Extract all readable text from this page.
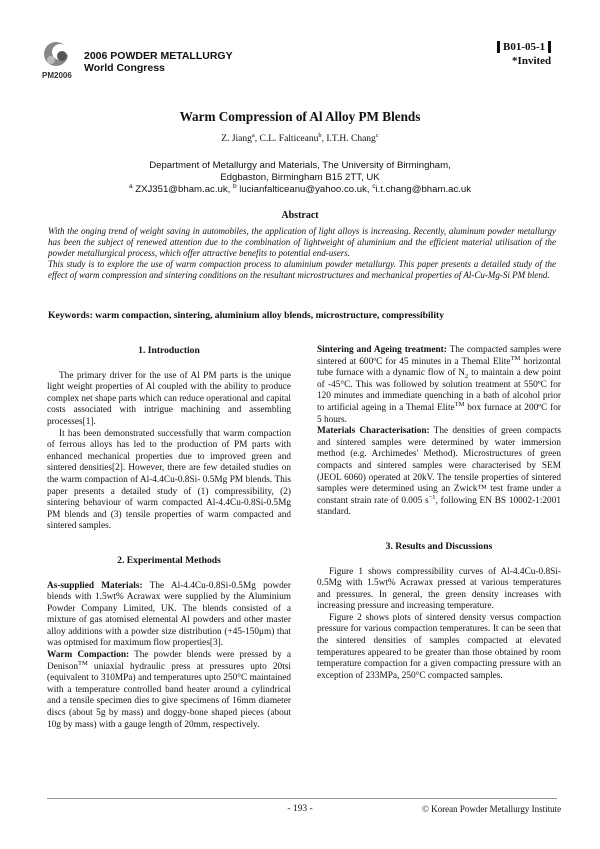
PM2006
2006 POWDER METALLURGY
World Congress
B01-05-1
*Invited
Warm Compression of Al Alloy PM Blends
Z. Jiang$^a$, C.L. Falticeanu$^b$, I.T.H. Chang$^c$
Department of Metallurgy and Materials, The University of Birmingham,
Edgbaston, Birmingham B15 2TT, UK
$^a$ ZXJ351@bham.ac.uk, $^b$ lucianfalticeanu@yahoo.co.uk, $^c$i.t.chang@bham.ac.uk
Abstract

With the onging trend of weight saving in automobiles, the application of light alloys is increasing. Recently, aluminum powder metallurgy has been the subject of renewed attention due to the combination of lightweight of aluminium and the efficient material utilisation of the powder metallurgical process, which offer attractive benefits to potential end-users.

This study is to explore the use of warm compaction process to aluminium powder metallurgy. This paper presents a detailed study of the effect of warm compression and sintering conditions on the resultant microstructures and mechanical properties of Al-Cu-Mg-Si PM blend.

Keywords: warm compaction, sintering, aluminium alloy blends, microstructure, compressibility

1. Introduction

The primary driver for the use of Al PM parts is the unique light weight properties of Al coupled with the ability to produce complex net shape parts which can reduce operational and capital costs associated with intrigue machining and assembling processes[1].

It has been demonstrated successfully that warm compaction of ferrous alloys has led to the production of PM parts with enhanced mechanical properties due to improved green and sintered densities[2]. However, there are few detailed studies on the warm compaction of Al-4.4Cu-0.8Si- 0.5Mg PM blends. This paper presents a detailed study of (1) compressibility, (2) sintering behaviour of warm compacted Al-4.4Cu-0.8Si-0.5Mg PM blends and (3) tensile properties of warm compacted and sintered samples.

2. Experimental Methods

As-supplied Materials: The Al-4.4Cu-0.8Si-0.5Mg powder blends with 1.5wt% Acrawax were supplied by the Aluminium Powder Company Limited, UK. The blends consisted of a mixture of gas atomised elemental Al powders and other master alloy additions with a powder size distribution (+45-150μm) that was optmised for maximum flow properties[3].

Warm Compaction: The powder blends were pressed by a Denison™ uniaxial hydraulic press at pressures upto 20tsi (equivalent to 310MPa) and temperatures upto 250°C maintained with a temperature controlled band heater around a cylindrical and a tensile specimen dies to give specimens of 16mm diameter discs (about 5g by mass) and doggy-bone shaped pieces (about 10g by mass) with a gauge length of 20mm, respectively.

Sintering and Ageing treatment: The compacted samples were sintered at 600ºC for 45 minutes in a Themal Elite™ horizontal tube furnace with a dynamic flow of $N_2$ to maintain a dew point of -45°C. This was followed by solution treatment at 550ºC for 120 minutes and immediate quenching in a bath of alcohol prior to artificial ageing in a Themal Elite™ box furnace at 200ºC for 5 hours.

Materials Characterisation: The densities of green compacts and sintered samples were determined by water immersion method (e.g. Archimedes' Method). Microstructures of green compacts and sintered samples were characterised by SEM (JEOL 6060) operated at 20kV. The tensile properties of sintered samples were determined using an Zwick™ test frame under a constant strain rate of 0.005 $s^{-1}$, following EN BS 10002-1:2001 standard.

3. Results and Discussions

Figure 1 shows compressibility curves of Al-4.4Cu-0.8Si-0.5Mg with 1.5wt% Acrawax pressed at various temperatures and pressures. In general, the green density increases with increasing pressure and increasing temperature.

Figure 2 shows plots of sintered density versus compaction pressure for various compaction temperatures. It can be seen that the sintered densities of samples compacted at elevated temperatures appeared to be greater than those obtained by room temperature compaction for a given compacting pressure with an exception of 233MPa, 250°C compacted samples.

- 193 -	© Korean Powder Metallurgy Institute
